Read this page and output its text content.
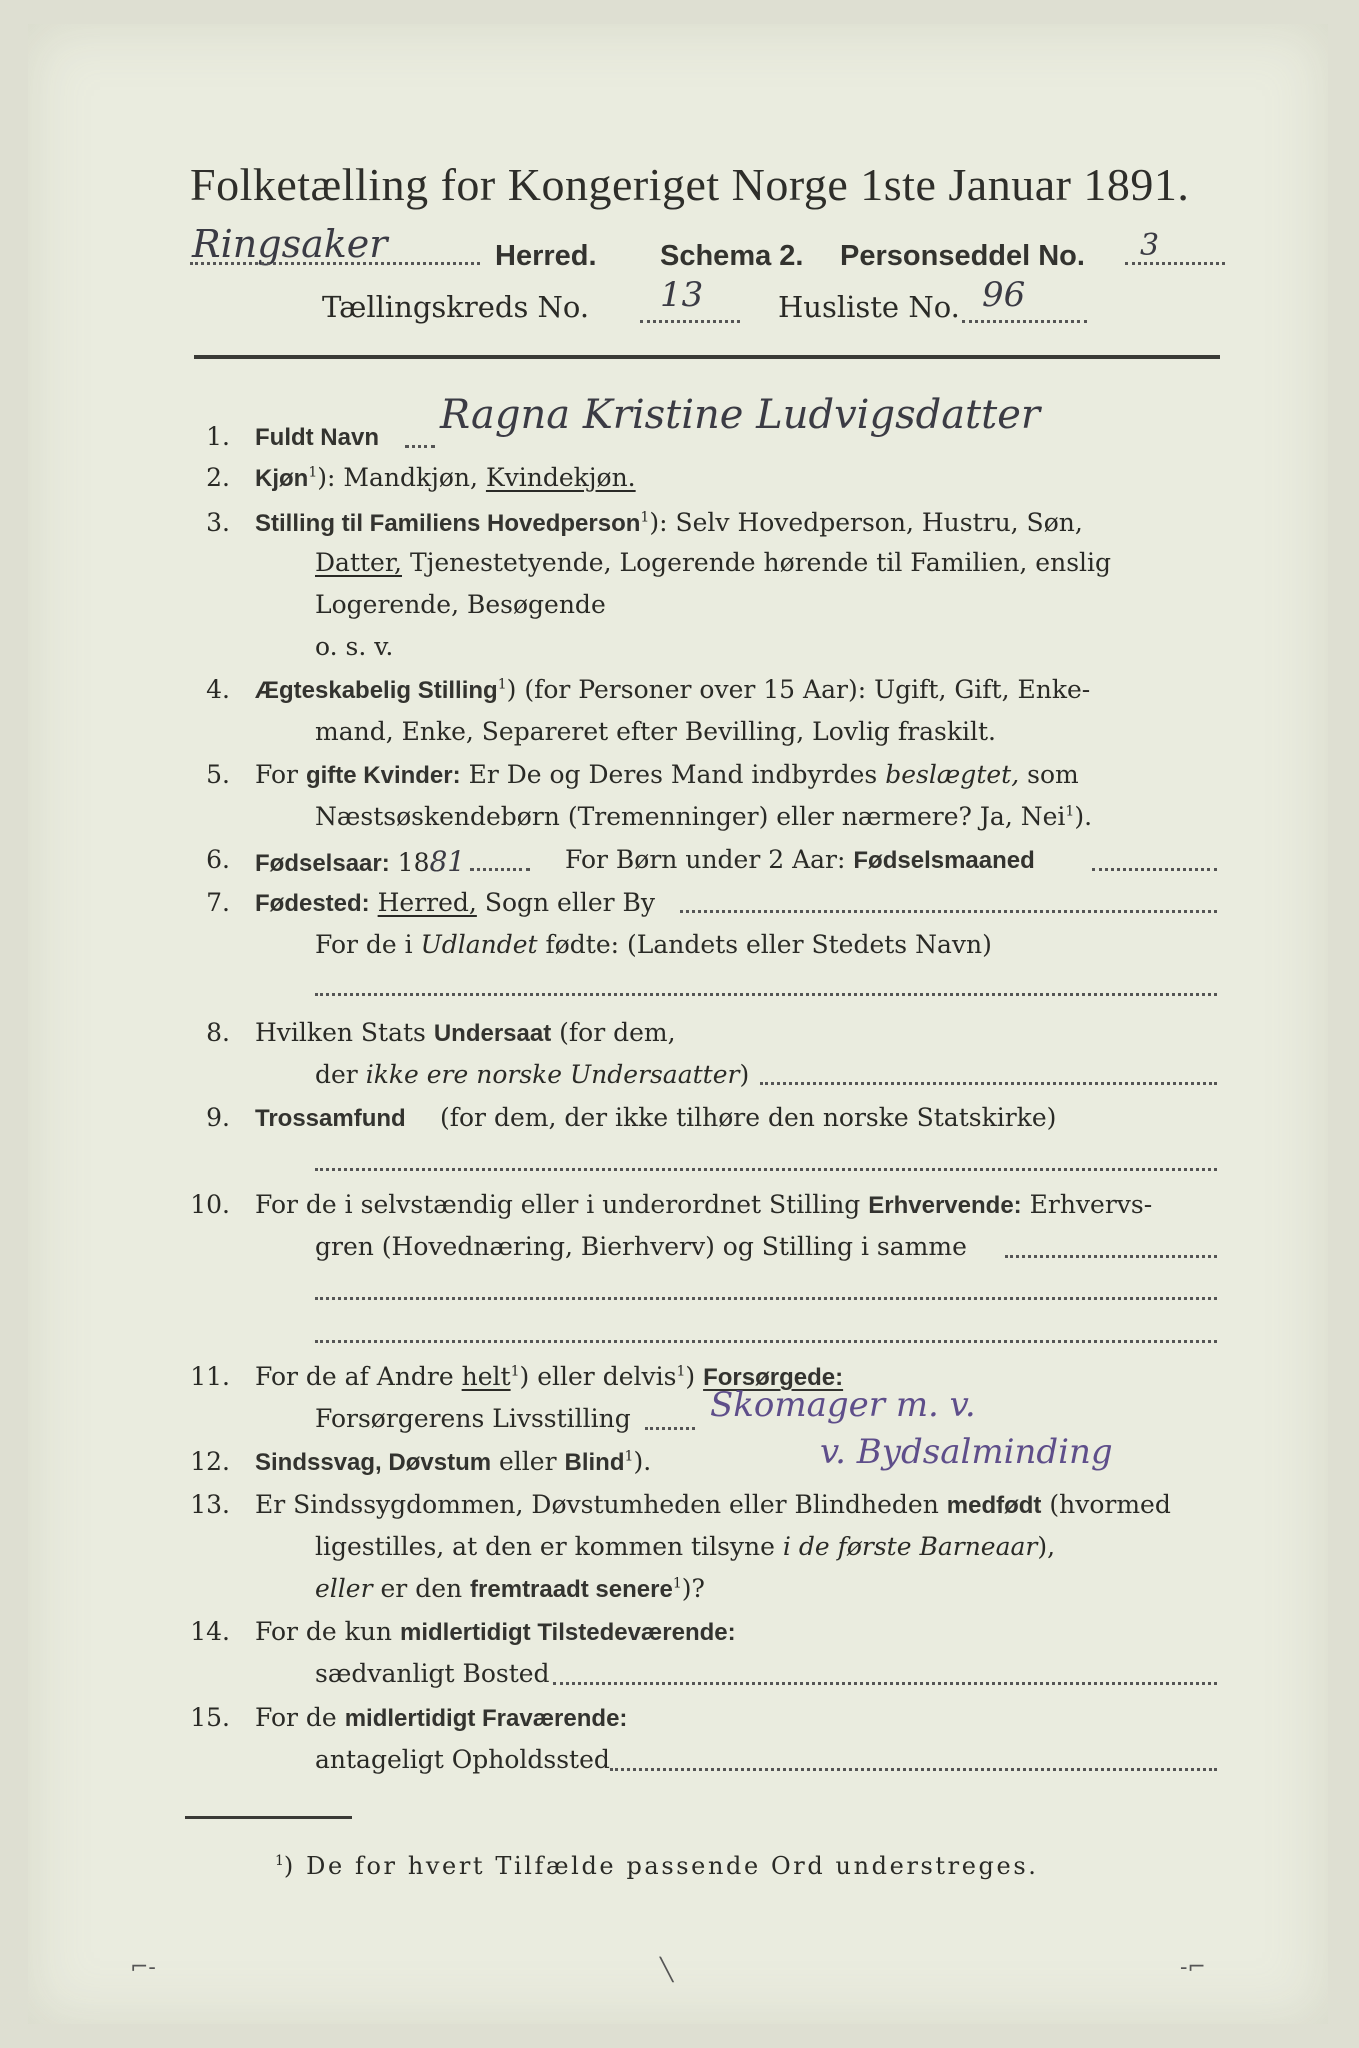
Folketælling for Kongeriget Norge 1ste Januar 1891.
Ringsaker	Herred. Schema 2. Personseddel No. 3
Tællingskreds No. 13	Husliste No. 96
1. Fuldt Navn Ragna Kristine Ludvigsdatter
2. Kjøn$^1$): Mandkjøn, Kvindekjøn.
3. Stilling til Familiens Hovedperson$^1$): Selv Hovedperson, Hustru, Søn,
Datter, Tjenestetyende, Logerende hørende til Familien, enslig
Logerende, Besøgende
o. s. v.
4. Ægteskabelig Stilling$^1$) (for Personer over 15 Aar): Ugift, Gift, Enke-
mand, Enke, Separeret efter Bevilling, Lovlig fraskilt.
5. For gifte Kvinder: Er De og Deres Mand indbyrdes beslægtet, som
Næstsøskendebørn (Tremenninger) eller nærmere? Ja, Nei$^1$).
6. Fødselsaar: 1881	For Børn under 2 Aar: Fødselsmaaned
7. Fødested: Herred, Sogn eller By
For de i Udlandet fødte: (Landets eller Stedets Navn)
8. Hvilken Stats Undersaat (for dem,
der ikke ere norske Undersaatter)
9. Trossamfund (for dem, der ikke tilhøre den norske Statskirke)
10. For de i selvstændig eller i underordnet Stilling Erhvervende: Erhvervs-
gren (Hovednæring, Bierhverv) og Stilling i samme
11. For de af Andre helt$^1$) eller delvis$^1$) Forsørgede:
Forsørgerens Livsstilling Skomager m. v.
12. Sindssvag, Døvstum eller Blind$^1$).	v. Bydsalminding
13. Er Sindssygdommen, Døvstumheden eller Blindheden medfødt (hvormed
ligestilles, at den er kommen tilsyne i de første Barneaar),
eller er den fremtraadt senere$^1$)?
14. For de kun midlertidigt Tilstedeværende:
sædvanligt Bosted
15. For de midlertidigt Fraværende:
antageligt Opholdssted
$^1$) De for hvert Tilfælde passende Ord understreges.
⌐‑	╲	‑⌐
